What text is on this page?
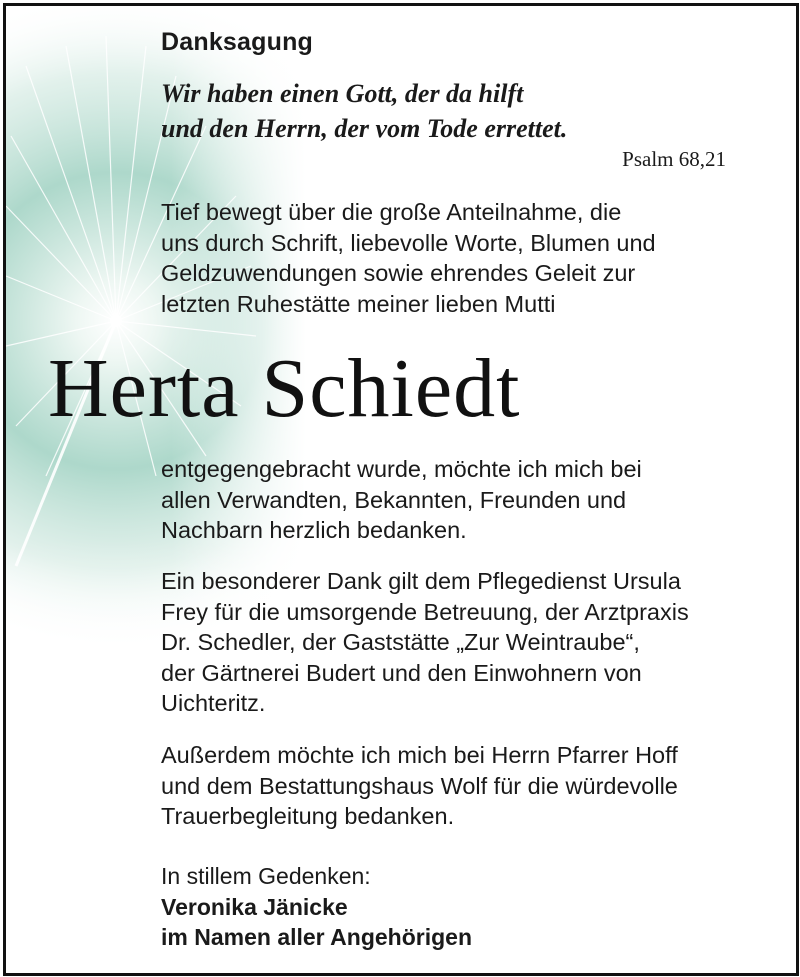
Danksagung
Wir haben einen Gott, der da hilft
und den Herrn, der vom Tode errettet.
Psalm 68,21
Tief bewegt über die große Anteilnahme, die
uns durch Schrift, liebevolle Worte, Blumen und
Geldzuwendungen sowie ehrendes Geleit zur
letzten Ruhestätte meiner lieben Mutti
Herta Schiedt
entgegengebracht wurde, möchte ich mich bei
allen Verwandten, Bekannten, Freunden und
Nachbarn herzlich bedanken.
Ein besonderer Dank gilt dem Pflegedienst Ursula
Frey für die umsorgende Betreuung, der Arztpraxis
Dr. Schedler, der Gaststätte „Zur Weintraube“,
der Gärtnerei Budert und den Einwohnern von
Uichteritz.
Außerdem möchte ich mich bei Herrn Pfarrer Hoff
und dem Bestattungshaus Wolf für die würdevolle
Trauerbegleitung bedanken.
In stillem Gedenken:
Veronika Jänicke
im Namen aller Angehörigen
